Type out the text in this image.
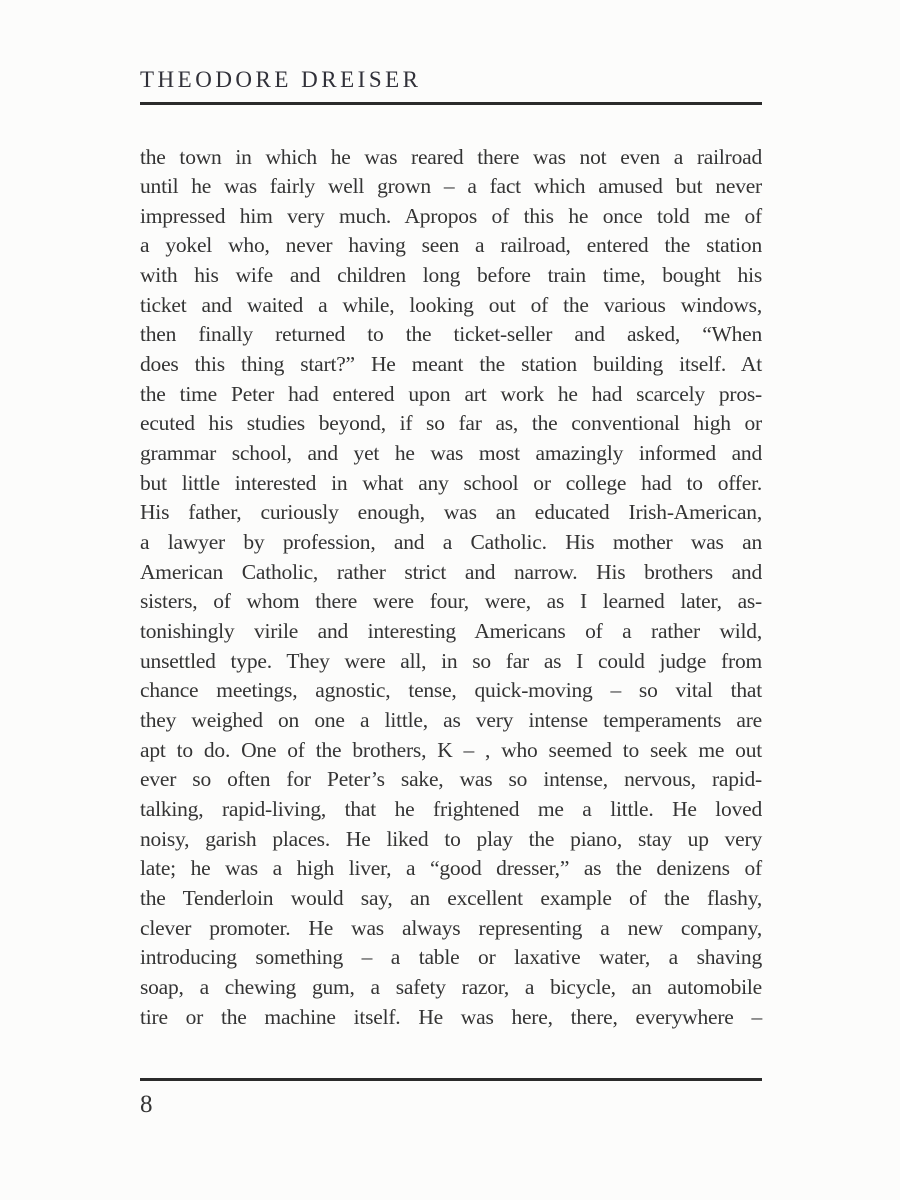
THEODORE DREISER
the town in which he was reared there was not even a railroad
until he was fairly well grown – a fact which amused but never
impressed him very much. Apropos of this he once told me of
a yokel who, never having seen a railroad, entered the station
with his wife and children long before train time, bought his
ticket and waited a while, looking out of the various windows,
then finally returned to the ticket-seller and asked, “When
does this thing start?” He meant the station building itself. At
the time Peter had entered upon art work he had scarcely pros-
ecuted his studies beyond, if so far as, the conventional high or
grammar school, and yet he was most amazingly informed and
but little interested in what any school or college had to offer.
His father, curiously enough, was an educated Irish-American,
a lawyer by profession, and a Catholic. His mother was an
American Catholic, rather strict and narrow. His brothers and
sisters, of whom there were four, were, as I learned later, as-
tonishingly virile and interesting Americans of a rather wild,
unsettled type. They were all, in so far as I could judge from
chance meetings, agnostic, tense, quick-moving – so vital that
they weighed on one a little, as very intense temperaments are
apt to do. One of the brothers, K – , who seemed to seek me out
ever so often for Peter’s sake, was so intense, nervous, rapid-
talking, rapid-living, that he frightened me a little. He loved
noisy, garish places. He liked to play the piano, stay up very
late; he was a high liver, a “good dresser,” as the denizens of
the Tenderloin would say, an excellent example of the flashy,
clever promoter. He was always representing a new company,
introducing something – a table or laxative water, a shaving
soap, a chewing gum, a safety razor, a bicycle, an automobile
tire or the machine itself. He was here, there, everywhere –
8
